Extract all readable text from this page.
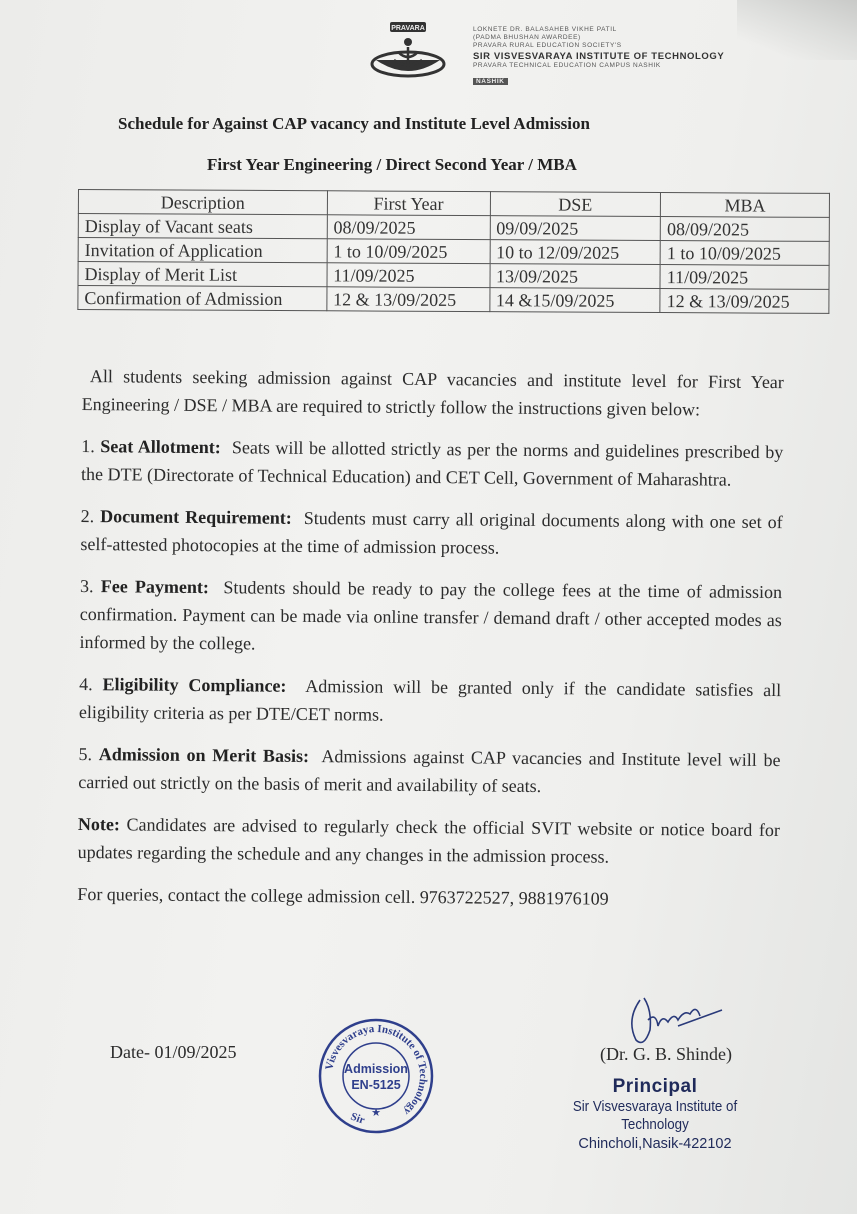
PRAVARA	LOKNETE DR. BALASAHEB VIKHE PATIL
(PADMA BHUSHAN AWARDEE)
PRAVARA RURAL EDUCATION SOCIETY'S
SIR VISVESVARAYA INSTITUTE OF TECHNOLOGY
PRAVARA TECHNICAL EDUCATION CAMPUS NASHIK
NASHIK
Schedule for Against CAP vacancy and Institute Level Admission
First Year Engineering / Direct Second Year / MBA
Description	First Year	DSE	MBA
Display of Vacant seats	08/09/2025	09/09/2025	08/09/2025
Invitation of Application	1 to 10/09/2025	10 to 12/09/2025	1 to 10/09/2025
Display of Merit List	11/09/2025	13/09/2025	11/09/2025
Confirmation of Admission	12 & 13/09/2025	14 &15/09/2025	12 & 13/09/2025

All students seeking admission against CAP vacancies and institute level for First Year Engineering / DSE / MBA are required to strictly follow the instructions given below:

1. Seat Allotment: Seats will be allotted strictly as per the norms and guidelines prescribed by the DTE (Directorate of Technical Education) and CET Cell, Government of Maharashtra.

2. Document Requirement: Students must carry all original documents along with one set of self-attested photocopies at the time of admission process.

3. Fee Payment: Students should be ready to pay the college fees at the time of admission confirmation. Payment can be made via online transfer / demand draft / other accepted modes as informed by the college.

4. Eligibility Compliance: Admission will be granted only if the candidate satisfies all eligibility criteria as per DTE/CET norms.

5. Admission on Merit Basis: Admissions against CAP vacancies and Institute level will be carried out strictly on the basis of merit and availability of seats.

Note: Candidates are advised to regularly check the official SVIT website or notice board for updates regarding the schedule and any changes in the admission process.

For queries, contact the college admission cell. 9763722527, 9881976109

Date- 01/09/2025	(Dr. G. B. Shinde)
Visvesvaraya Institute of Technology
Sir ★
Admission
EN-5125	Principal
Sir Visvesvaraya Institute of Technology
Chincholi,Nasik-422102
